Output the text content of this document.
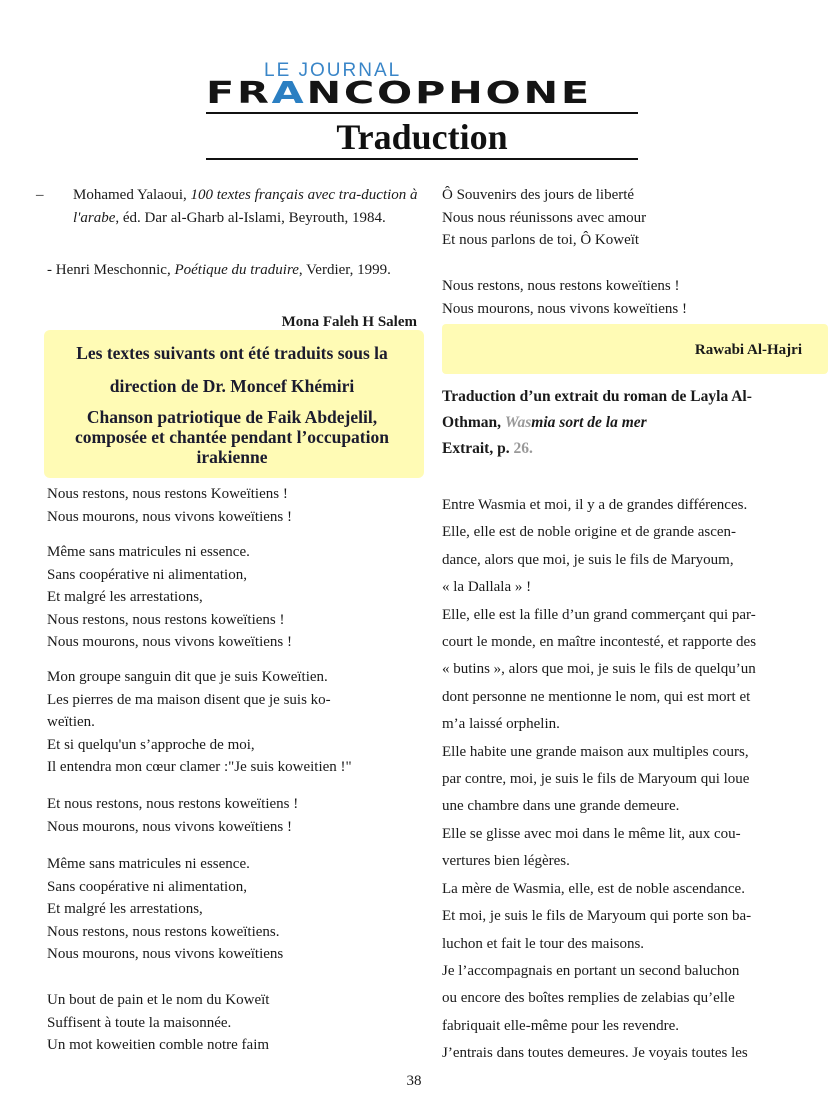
LE JOURNAL
FRANCOPHONE
Traduction
–	Mohamed Yalaoui, 100 textes français avec tra-duction à l'arabe, éd. Dar al-Gharb al-Islami, Beyrouth, 1984.
- Henri Meschonnic, Poétique du traduire, Verdier, 1999.
Mona Faleh H Salem
Les textes suivants ont été traduits sous la
direction de Dr. Moncef Khémiri
Chanson patriotique de Faik Abdejelil, composée et chantée pendant l’occupation irakienne
Nous restons, nous restons Koweïtiens !
Nous mourons, nous vivons koweïtiens !
Même sans matricules ni essence.
Sans coopérative ni alimentation,
Et malgré les arrestations,
Nous restons, nous restons koweïtiens !
Nous mourons, nous vivons koweïtiens !
Mon groupe sanguin dit que je suis Koweïtien.
Les pierres de ma maison disent que je suis ko-
weïtien.
Et si quelqu'un s’approche de moi,
Il entendra mon cœur clamer :"Je suis koweitien !"
Et nous restons, nous restons koweïtiens !
Nous mourons, nous vivons koweïtiens !
Même sans matricules ni essence.
Sans coopérative ni alimentation,
Et malgré les arrestations,
Nous restons, nous restons koweïtiens.
Nous mourons, nous vivons koweïtiens
Un bout de pain et le nom du Koweït
Suffisent à toute la maisonnée.
Un mot koweitien comble notre faim
Ô Souvenirs des jours de liberté
Nous nous réunissons avec amour
Et nous parlons de toi, Ô Koweït
Nous restons, nous restons koweïtiens !
Nous mourons, nous vivons koweïtiens !
Rawabi Al-Hajri
Traduction d’un extrait du roman de Layla Al-
Othman, Wasmia sort de la mer
Extrait, p. 26.
Entre Wasmia et moi, il y a de grandes différences.
Elle, elle est de noble origine et de grande ascen-
dance, alors que moi, je suis le fils de Maryoum,
« la Dallala » !
Elle, elle est la fille d’un grand commerçant qui par-
court le monde, en maître incontesté, et rapporte des
« butins », alors que moi, je suis le fils de quelqu’un
dont personne ne mentionne le nom, qui est mort et
m’a laissé orphelin.
Elle habite une grande maison aux multiples cours,
par contre, moi, je suis le fils de Maryoum qui loue
une chambre dans une grande demeure.
Elle se glisse avec moi dans le même lit, aux cou-
vertures bien légères.
La mère de Wasmia, elle, est de noble ascendance.
Et moi, je suis le fils de Maryoum qui porte son ba-
luchon et fait le tour des maisons.
Je l’accompagnais en portant un second baluchon
ou encore des boîtes remplies de zelabias qu’elle
fabriquait elle-même pour les revendre.
J’entrais dans toutes demeures. Je voyais toutes les
38
